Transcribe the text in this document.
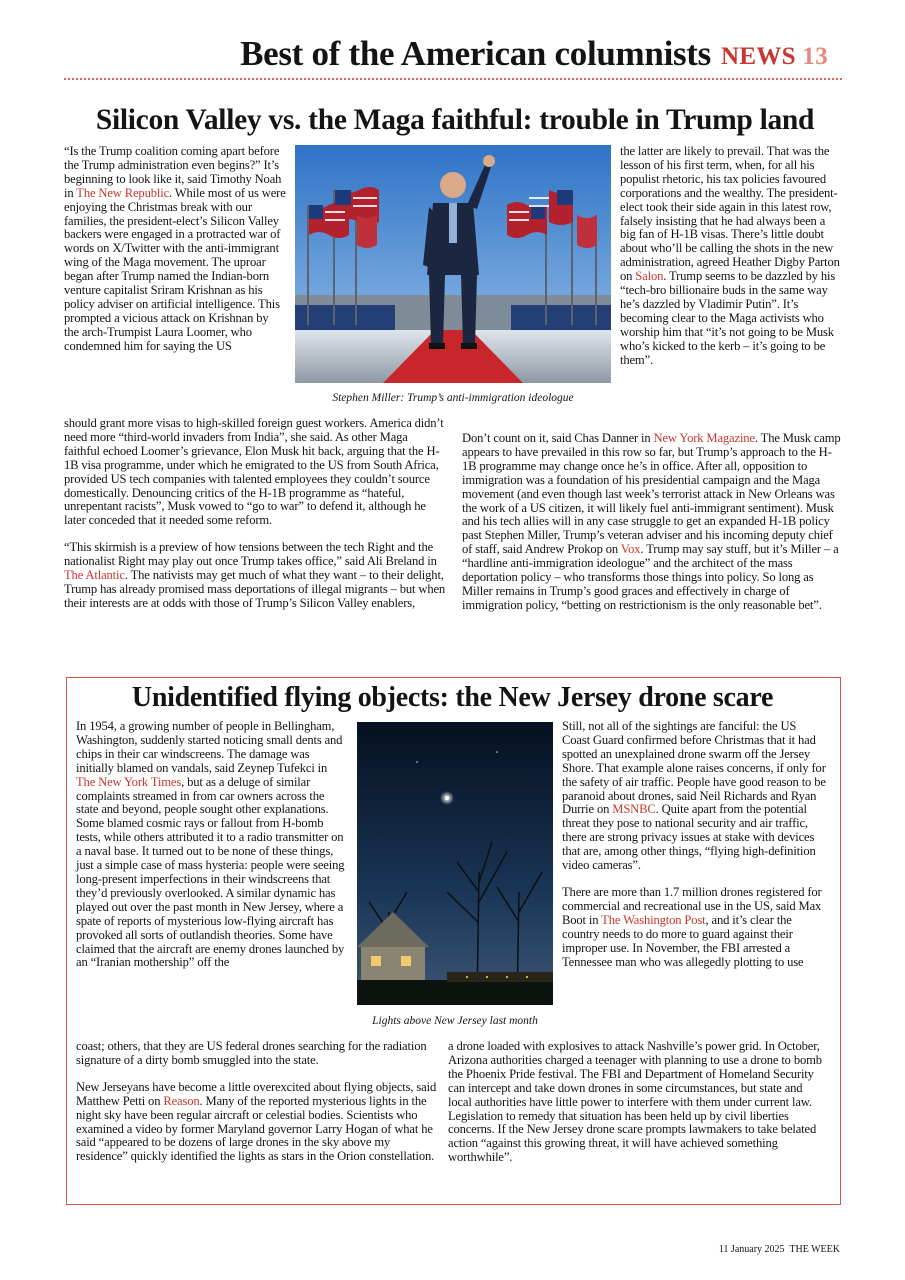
Best of the American columnists NEWS 13
Silicon Valley vs. the Maga faithful: trouble in Trump land

“Is the Trump coalition coming apart before the Trump administration even begins?” It’s beginning to look like it, said Timothy Noah in The New Republic. While most of us were enjoying the Christmas break with our families, the president-elect’s Silicon Valley backers were engaged in a protracted war of words on X/Twitter with the anti-immigrant wing of the Maga movement. The uproar began after Trump named the Indian-born venture capitalist Sriram Krishnan as his policy adviser on artificial intelligence. This prompted a vicious attack on Krishnan by the arch-Trumpist Laura Loomer, who condemned him for saying the US

Stephen Miller: Trump’s anti-immigration ideologue

the latter are likely to prevail. That was the lesson of his first term, when, for all his populist rhetoric, his tax policies favoured corporations and the wealthy. The president-elect took their side again in this latest row, falsely insisting that he had always been a big fan of H-1B visas. There’s little doubt about who’ll be calling the shots in the new administration, agreed Heather Digby Parton on Salon. Trump seems to be dazzled by his “tech-bro billionaire buds in the same way he’s dazzled by Vladimir Putin”. It’s becoming clear to the Maga activists who worship him that “it’s not going to be Musk who’s kicked to the kerb – it’s going to be them”.

should grant more visas to high-skilled foreign guest workers. America didn’t need more “third-world invaders from India”, she said. As other Maga faithful echoed Loomer’s grievance, Elon Musk hit back, arguing that the H-1B visa programme, under which he emigrated to the US from South Africa, provided US tech companies with talented employees they couldn’t source domestically. Denouncing critics of the H-1B programme as “hateful, unrepentant racists”, Musk vowed to “go to war” to defend it, although he later conceded that it needed some reform.

“This skirmish is a preview of how tensions between the tech Right and the nationalist Right may play out once Trump takes office,” said Ali Breland in The Atlantic. The nativists may get much of what they want – to their delight, Trump has already promised mass deportations of illegal migrants – but when their interests are at odds with those of Trump’s Silicon Valley enablers,

Don’t count on it, said Chas Danner in New York Magazine. The Musk camp appears to have prevailed in this row so far, but Trump’s approach to the H-1B programme may change once he’s in office. After all, opposition to immigration was a foundation of his presidential campaign and the Maga movement (and even though last week’s terrorist attack in New Orleans was the work of a US citizen, it will likely fuel anti-immigrant sentiment). Musk and his tech allies will in any case struggle to get an expanded H-1B policy past Stephen Miller, Trump’s veteran adviser and his incoming deputy chief of staff, said Andrew Prokop on Vox. Trump may say stuff, but it’s Miller – a “hardline anti-immigration ideologue” and the architect of the mass deportation policy – who transforms those things into policy. So long as Miller remains in Trump’s good graces and effectively in charge of immigration policy, “betting on restrictionism is the only reasonable bet”.

Unidentified flying objects: the New Jersey drone scare

In 1954, a growing number of people in Bellingham, Washington, suddenly started noticing small dents and chips in their car windscreens. The damage was initially blamed on vandals, said Zeynep Tufekci in The New York Times, but as a deluge of similar complaints streamed in from car owners across the state and beyond, people sought other explanations. Some blamed cosmic rays or fallout from H-bomb tests, while others attributed it to a radio transmitter on a naval base. It turned out to be none of these things, just a simple case of mass hysteria: people were seeing long-present imperfections in their windscreens that they’d previously overlooked. A similar dynamic has played out over the past month in New Jersey, where a spate of reports of mysterious low-flying aircraft has provoked all sorts of outlandish theories. Some have claimed that the aircraft are enemy drones launched by an “Iranian mothership” off the

Lights above New Jersey last month

Still, not all of the sightings are fanciful: the US Coast Guard confirmed before Christmas that it had spotted an unexplained drone swarm off the Jersey Shore. That example alone raises concerns, if only for the safety of air traffic. People have good reason to be paranoid about drones, said Neil Richards and Ryan Durrie on MSNBC. Quite apart from the potential threat they pose to national security and air traffic, there are strong privacy issues at stake with devices that are, among other things, “flying high-definition video cameras”.

There are more than 1.7 million drones registered for commercial and recreational use in the US, said Max Boot in The Washington Post, and it’s clear the country needs to do more to guard against their improper use. In November, the FBI arrested a Tennessee man who was allegedly plotting to use

coast; others, that they are US federal drones searching for the radiation signature of a dirty bomb smuggled into the state.

New Jerseyans have become a little overexcited about flying objects, said Matthew Petti on Reason. Many of the reported mysterious lights in the night sky have been regular aircraft or celestial bodies. Scientists who examined a video by former Maryland governor Larry Hogan of what he said “appeared to be dozens of large drones in the sky above my residence” quickly identified the lights as stars in the Orion constellation.

a drone loaded with explosives to attack Nashville’s power grid. In October, Arizona authorities charged a teenager with planning to use a drone to bomb the Phoenix Pride festival. The FBI and Department of Homeland Security can intercept and take down drones in some circumstances, but state and local authorities have little power to interfere with them under current law. Legislation to remedy that situation has been held up by civil liberties concerns. If the New Jersey drone scare prompts lawmakers to take belated action “against this growing threat, it will have achieved something worthwhile”.

11 January 2025 THE WEEK
